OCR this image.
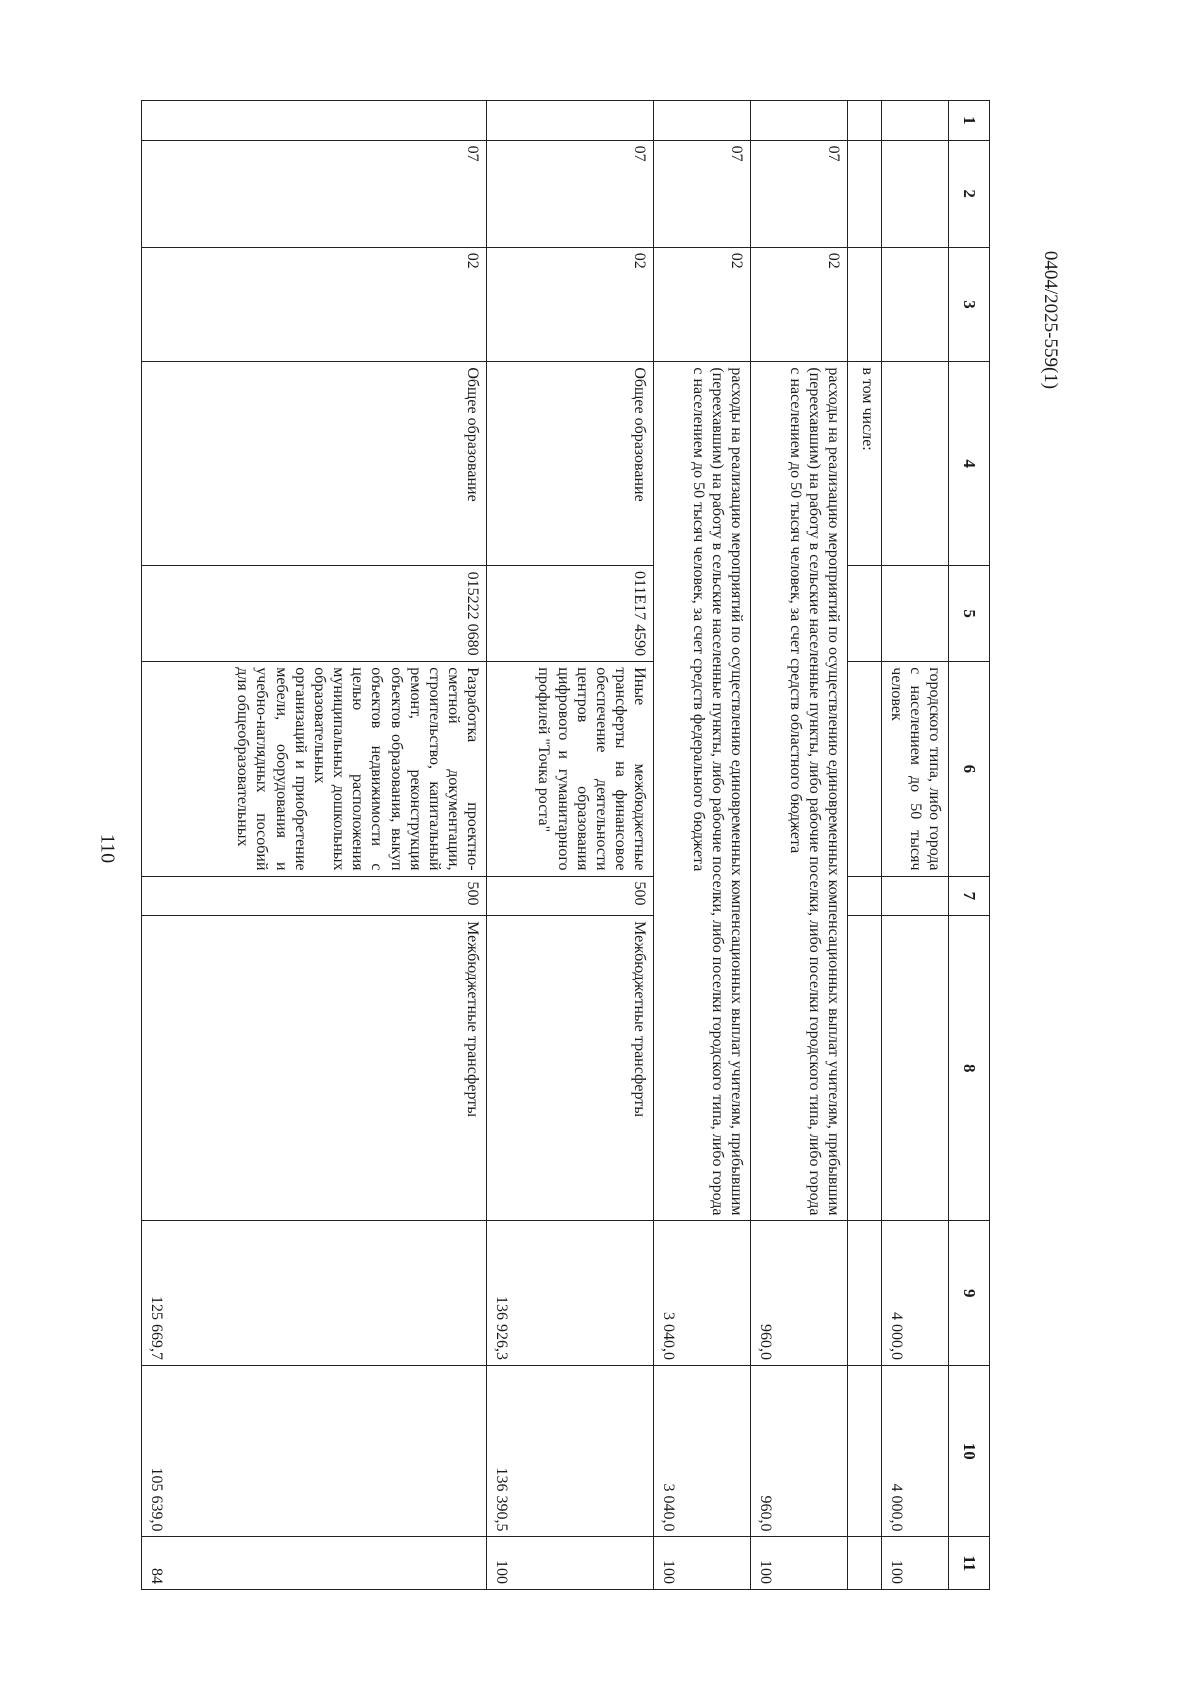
110
0404/2025-559(1)
1	2	3	4	5	6	7	8	9	10	11
					городского типа, либо города с населением до 50 тысяч человек			4 000,0	4 000,0	100
			в том числе:							
	07	02	расходы на реализацию мероприятий по осуществлению единовременных компенсационных выплат учителям, прибывшим (переехавшим) на работу в сельские населенные пункты, либо рабочие поселки, либо поселки городского типа, либо города с населением до 50 тысяч человек, за счет средств областного бюджета					960,0	960,0	100
	07	02	расходы на реализацию мероприятий по осуществлению единовременных компенсационных выплат учителям, прибывшим (переехавшим) на работу в сельские населенные пункты, либо рабочие поселки, либо поселки городского типа, либо города с населением до 50 тысяч человек, за счет средств федерального бюджета					3 040,0	3 040,0	100
	07	02	Общее образование	011E17 4590	Иные межбюджетные трансферты на финансовое обеспечение деятельности центров образования цифрового и гуманитарного профилей "Точка роста"	500	Межбюджетные трансферты	136 926,3	136 390,5	100
	07	02	Общее образование	015222 0680	Разработка проектно-сметной документации, строительство, капитальный ремонт, реконструкция объектов образования, выкуп объектов недвижимости с целью расположения муниципальных дошкольных образовательных организаций и приобретение мебели, оборудования и учебно-наглядных пособий для общеобразовательных	500	Межбюджетные трансферты	125 669,7	105 639,0	84
